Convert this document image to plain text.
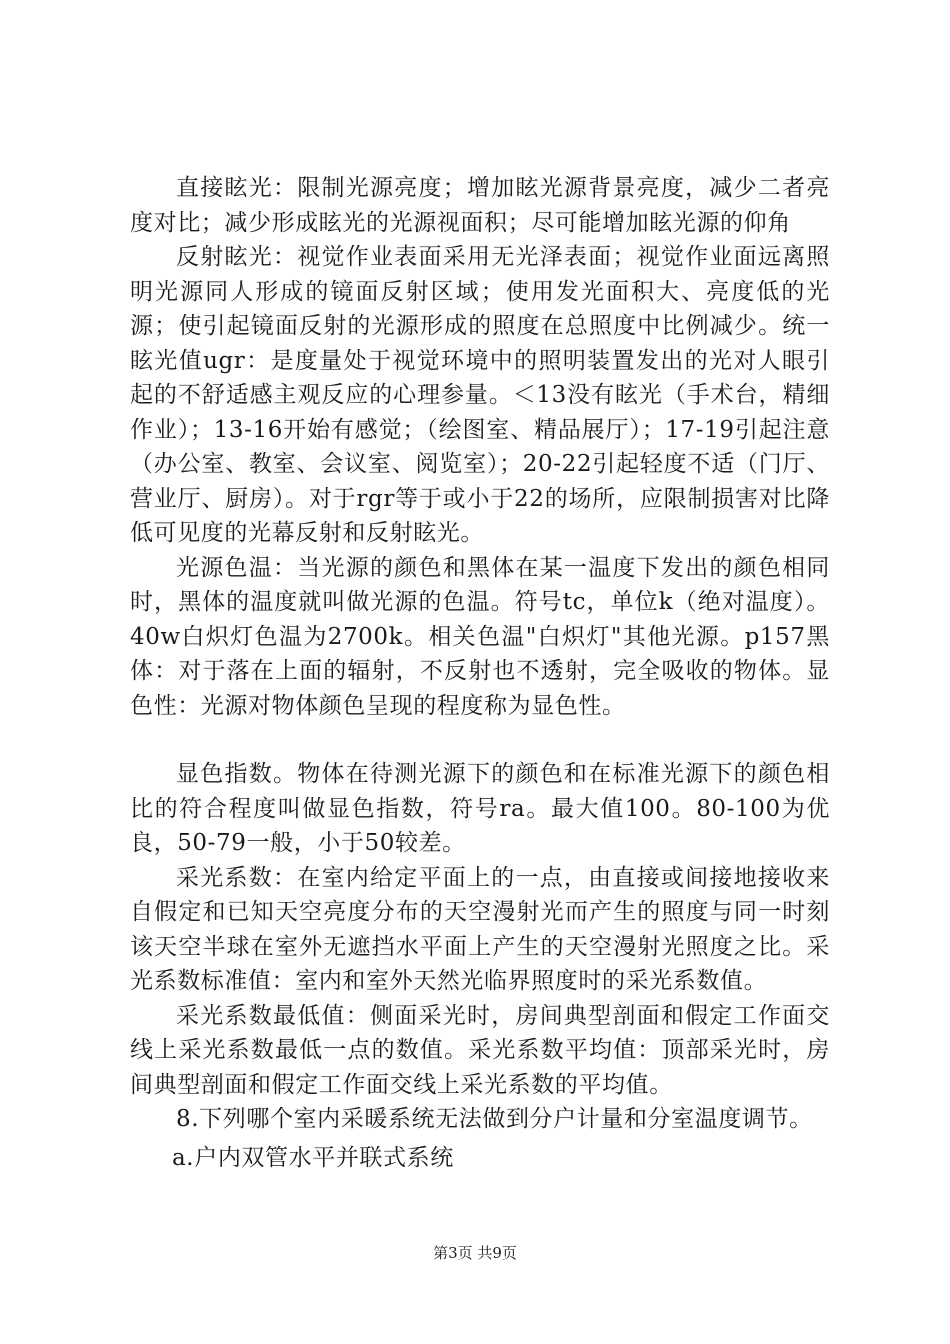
直接眩光：限制光源亮度；增加眩光源背景亮度，减少二者亮度对比；减少形成眩光的光源视面积；尽可能增加眩光源的仰角

反射眩光：视觉作业表面采用无光泽表面；视觉作业面远离照明光源同人形成的镜面反射区域；使用发光面积大、亮度低的光源；使引起镜面反射的光源形成的照度在总照度中比例减少。统一眩光值ugr：是度量处于视觉环境中的照明装置发出的光对人眼引起的不舒适感主观反应的心理参量。＜13没有眩光（手术台，精细作业）；13-16开始有感觉；（绘图室、精品展厅）；17-19引起注意（办公室、教室、会议室、阅览室）；20-22引起轻度不适（门厅、营业厅、厨房）。对于rgr等于或小于22的场所，应限制损害对比降低可见度的光幕反射和反射眩光。

光源色温：当光源的颜色和黑体在某一温度下发出的颜色相同时，黑体的温度就叫做光源的色温。符号tc，单位k（绝对温度）。40w白炽灯色温为2700k。相关色温"白炽灯"其他光源。p157黑体：对于落在上面的辐射，不反射也不透射，完全吸收的物体。显色性：光源对物体颜色呈现的程度称为显色性。

显色指数。物体在待测光源下的颜色和在标准光源下的颜色相比的符合程度叫做显色指数，符号ra。最大值100。80-100为优良，50-79一般，小于50较差。

采光系数：在室内给定平面上的一点，由直接或间接地接收来自假定和已知天空亮度分布的天空漫射光而产生的照度与同一时刻该天空半球在室外无遮挡水平面上产生的天空漫射光照度之比。采光系数标准值：室内和室外天然光临界照度时的采光系数值。

采光系数最低值：侧面采光时，房间典型剖面和假定工作面交线上采光系数最低一点的数值。采光系数平均值：顶部采光时，房间典型剖面和假定工作面交线上采光系数的平均值。

8.下列哪个室内采暖系统无法做到分户计量和分室温度调节。

a.户内双管水平并联式系统

第3页 共9页
